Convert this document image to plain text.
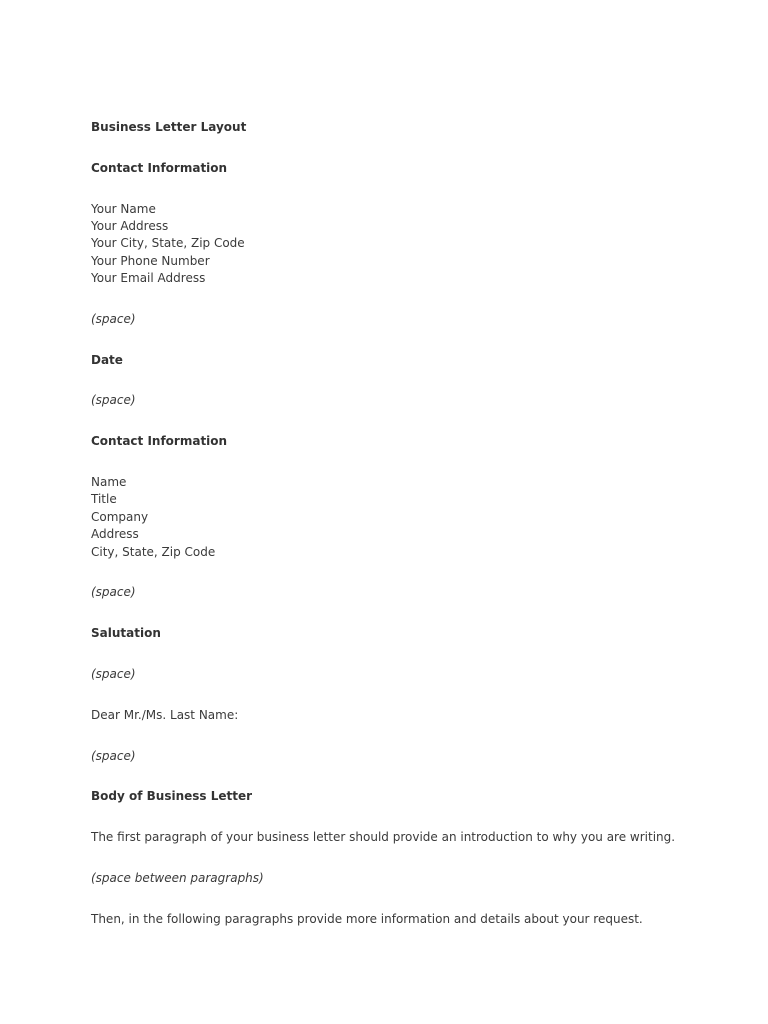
Business Letter Layout
Contact Information
Your Name
Your Address
Your City, State, Zip Code
Your Phone Number
Your Email Address
(space)
Date
(space)
Contact Information
Name
Title
Company
Address
City, State, Zip Code
(space)
Salutation
(space)
Dear Mr./Ms. Last Name:
(space)
Body of Business Letter
The first paragraph of your business letter should provide an introduction to why you are writing.
(space between paragraphs)
Then, in the following paragraphs provide more information and details about your request.
